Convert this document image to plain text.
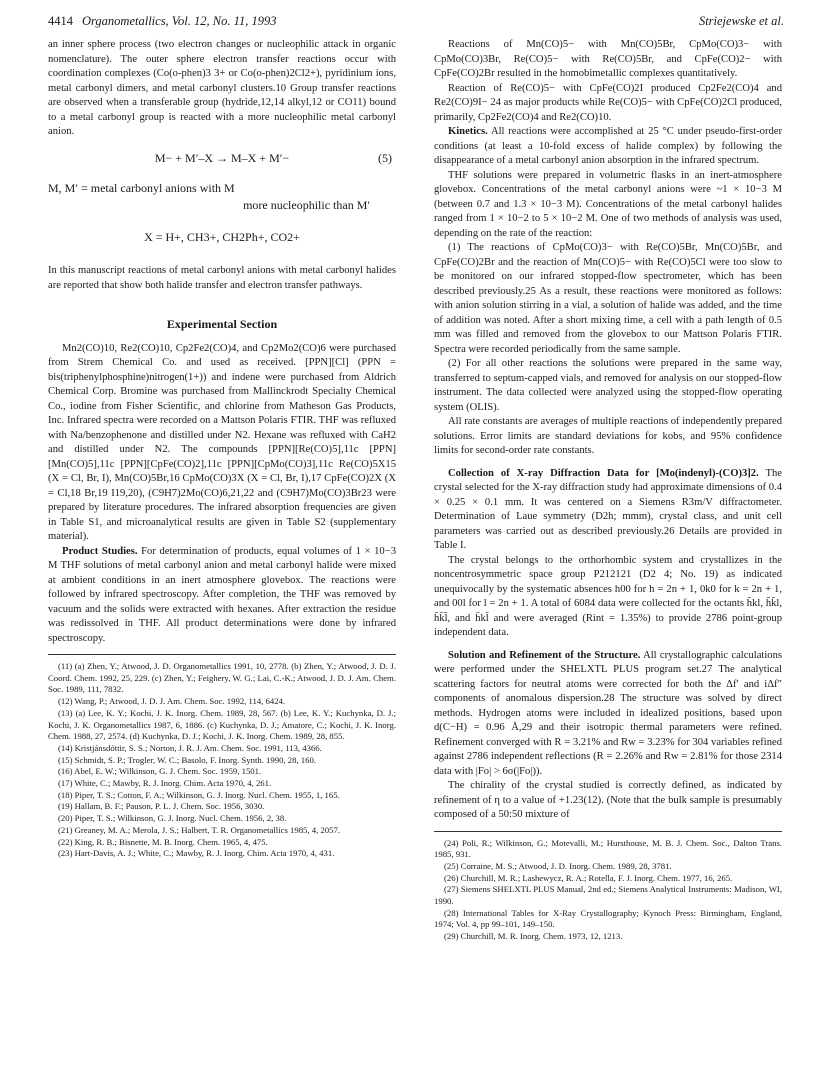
4414 Organometallics, Vol. 12, No. 11, 1993	Striejewske et al.

an inner sphere process (two electron changes or nucleophilic attack in organic nomenclature). The outer sphere electron transfer reactions occur with coordination complexes (Co(o-phen)3 3+ or Co(o-phen)2Cl2+), pyridinium ions, metal carbonyl dimers, and metal carbonyl clusters.10 Group transfer reactions are observed when a transferable group (hydride,12,14 alkyl,12 or CO11) bound to a metal carbonyl group is reacted with a more nucleophilic metal carbonyl anion.

M− + M′–X → M–X + M′−	(5)
M, M′ = metal carbonyl anions with M
more nucleophilic than M′
X = H+, CH3+, CH2Ph+, CO2+

In this manuscript reactions of metal carbonyl anions with metal carbonyl halides are reported that show both halide transfer and electron transfer pathways.

Experimental Section

Mn2(CO)10, Re2(CO)10, Cp2Fe2(CO)4, and Cp2Mo2(CO)6 were purchased from Strem Chemical Co. and used as received. [PPN][Cl] (PPN = bis(triphenylphosphine)nitrogen(1+)) and indene were purchased from Aldrich Chemical Corp. Bromine was purchased from Mallinckrodt Specialty Chemical Co., iodine from Fisher Scientific, and chlorine from Matheson Gas Products, Inc. Infrared spectra were recorded on a Mattson Polaris FTIR. THF was refluxed with Na/benzophenone and distilled under N2. Hexane was refluxed with CaH2 and distilled under N2. The compounds [PPN][Re(CO)5],11c [PPN][Mn(CO)5],11c [PPN][CpFe(CO)2],11c [PPN][CpMo(CO)3],11c Re(CO)5X15 (X = Cl, Br, I), Mn(CO)5Br,16 CpMo(CO)3X (X = Cl, Br, I),17 CpFe(CO)2X (X = Cl,18 Br,19 I19,20), (C9H7)2Mo(CO)6,21,22 and (C9H7)Mo(CO)3Br23 were prepared by literature procedures. The infrared absorption frequencies are given in Table S1, and microanalytical results are given in Table S2 (supplementary material).

Product Studies. For determination of products, equal volumes of 1 × 10−3 M THF solutions of metal carbonyl anion and metal carbonyl halide were mixed at ambient conditions in an inert atmosphere glovebox. The reactions were followed by infrared spectroscopy. After completion, the THF was removed by vacuum and the solids were extracted with hexanes. After extraction the residue was redissolved in THF. All product determinations were done by infrared spectroscopy.

(11) (a) Zhen, Y.; Atwood, J. D. Organometallics 1991, 10, 2778. (b) Zhen, Y.; Atwood, J. D. J. Coord. Chem. 1992, 25, 229. (c) Zhen, Y.; Feighery, W. G.; Lai, C.-K.; Atwood, J. D. J. Am. Chem. Soc. 1989, 111, 7832.

(12) Wang, P.; Atwood, J. D. J. Am. Chem. Soc. 1992, 114, 6424.

(13) (a) Lee, K. Y.; Kochi, J. K. Inorg. Chem. 1989, 28, 567. (b) Lee, K. Y.; Kuchynka, D. J.; Kochi, J. K. Organometallics 1987, 6, 1886. (c) Kuchynka, D. J.; Amatore, C.; Kochi, J. K. Inorg. Chem. 1988, 27, 2574. (d) Kuchynka, D. J.; Kochi, J. K. Inorg. Chem. 1989, 28, 855.

(14) Kristjánsdóttir, S. S.; Norton, J. R. J. Am. Chem. Soc. 1991, 113, 4366.

(15) Schmidt, S. P.; Trogler, W. C.; Basolo, F. Inorg. Synth. 1990, 28, 160.

(16) Abel, E. W.; Wilkinson, G. J. Chem. Soc. 1959, 1501.

(17) White, C.; Mawby, R. J. Inorg. Chim. Acta 1970, 4, 261.

(18) Piper, T. S.; Cotton, F. A.; Wilkinson, G. J. Inorg. Nucl. Chem. 1955, 1, 165.

(19) Hallam, B. F.; Pauson, P. L. J. Chem. Soc. 1956, 3030.

(20) Piper, T. S.; Wilkinson, G. J. Inorg. Nucl. Chem. 1956, 2, 38.

(21) Greaney, M. A.; Merola, J. S.; Halbert, T. R. Organometallics 1985, 4, 2057.

(22) King, R. B.; Bisnette, M. B. Inorg. Chem. 1965, 4, 475.

(23) Hart-Davis, A. J.; White, C.; Mawby, R. J. Inorg. Chim. Acta 1970, 4, 431.

Reactions of Mn(CO)5− with Mn(CO)5Br, CpMo(CO)3− with CpMo(CO)3Br, Re(CO)5− with Re(CO)5Br, and CpFe(CO)2− with CpFe(CO)2Br resulted in the homobimetallic complexes quantitatively.

Reaction of Re(CO)5− with CpFe(CO)2I produced Cp2Fe2(CO)4 and Re2(CO)9I− 24 as major products while Re(CO)5− with CpFe(CO)2Cl produced, primarily, Cp2Fe2(CO)4 and Re2(CO)10.

Kinetics. All reactions were accomplished at 25 °C under pseudo-first-order conditions (at least a 10-fold excess of halide complex) by following the disappearance of a metal carbonyl anion absorption in the infrared spectrum.

THF solutions were prepared in volumetric flasks in an inert-atmosphere glovebox. Concentrations of the metal carbonyl anions were ~1 × 10−3 M (between 0.7 and 1.3 × 10−3 M). Concentrations of the metal carbonyl halides ranged from 1 × 10−2 to 5 × 10−2 M. One of two methods of analysis was used, depending on the rate of the reaction:

(1) The reactions of CpMo(CO)3− with Re(CO)5Br, Mn(CO)5Br, and CpFe(CO)2Br and the reaction of Mn(CO)5− with Re(CO)5Cl were too slow to be monitored on our infrared stopped-flow spectrometer, which has been described previously.25 As a result, these reactions were monitored as follows: with anion solution stirring in a vial, a solution of halide was added, and the time of addition was noted. After a short mixing time, a cell with a path length of 0.5 mm was filled and removed from the glovebox to our Mattson Polaris FTIR. Spectra were recorded periodically from the same sample.

(2) For all other reactions the solutions were prepared in the same way, transferred to septum-capped vials, and removed for analysis on our stopped-flow instrument. The data collected were analyzed using the stopped-flow operating system (OLIS).

All rate constants are averages of multiple reactions of independently prepared solutions. Error limits are standard deviations for kobs, and 95% confidence limits for second-order rate constants.

Collection of X-ray Diffraction Data for [Mo(indenyl)-(CO)3]2. The crystal selected for the X-ray diffraction study had approximate dimensions of 0.4 × 0.25 × 0.1 mm. It was centered on a Siemens R3m/V diffractometer. Determination of Laue symmetry (D2h; mmm), crystal class, and unit cell parameters was carried out as described previously.26 Details are provided in Table I.

The crystal belongs to the orthorhombic system and crystallizes in the noncentrosymmetric space group P212121 (D2 4; No. 19) as indicated unequivocally by the systematic absences h00 for h = 2n + 1, 0k0 for k = 2n + 1, and 00l for l = 2n + 1. A total of 6084 data were collected for the octants h̄kl, h̄k̄l, h̄k̄l̄, and h̄kl̄ and were averaged (Rint = 1.35%) to provide 2786 point-group independent data.

Solution and Refinement of the Structure. All crystallographic calculations were performed under the SHELXTL PLUS program set.27 The analytical scattering factors for neutral atoms were corrected for both the Δf′ and iΔf″ components of anomalous dispersion.28 The structure was solved by direct methods. Hydrogen atoms were included in idealized positions, based upon d(C−H) = 0.96 Å,29 and their isotropic thermal parameters were refined. Refinement converged with R = 3.21% and Rw = 3.23% for 304 variables refined against 2786 independent reflections (R = 2.26% and Rw = 2.81% for those 2314 data with |Fo| > 6σ(|Fo|)).

The chirality of the crystal studied is correctly defined, as indicated by refinement of η to a value of +1.23(12). (Note that the bulk sample is presumably composed of a 50:50 mixture of

(24) Poli, R.; Wilkinson, G.; Motevalli, M.; Hursthouse, M. B. J. Chem. Soc., Dalton Trans. 1985, 931.

(25) Corraine, M. S.; Atwood, J. D. Inorg. Chem. 1989, 28, 3781.

(26) Churchill, M. R.; Lashewycz, R. A.; Rotella, F. J. Inorg. Chem. 1977, 16, 265.

(27) Siemens SHELXTL PLUS Manual, 2nd ed.; Siemens Analytical Instruments: Madison, WI, 1990.

(28) International Tables for X-Ray Crystallography; Kynoch Press: Birmingham, England, 1974; Vol. 4, pp 99–101, 149–150.

(29) Churchill, M. R. Inorg. Chem. 1973, 12, 1213.
